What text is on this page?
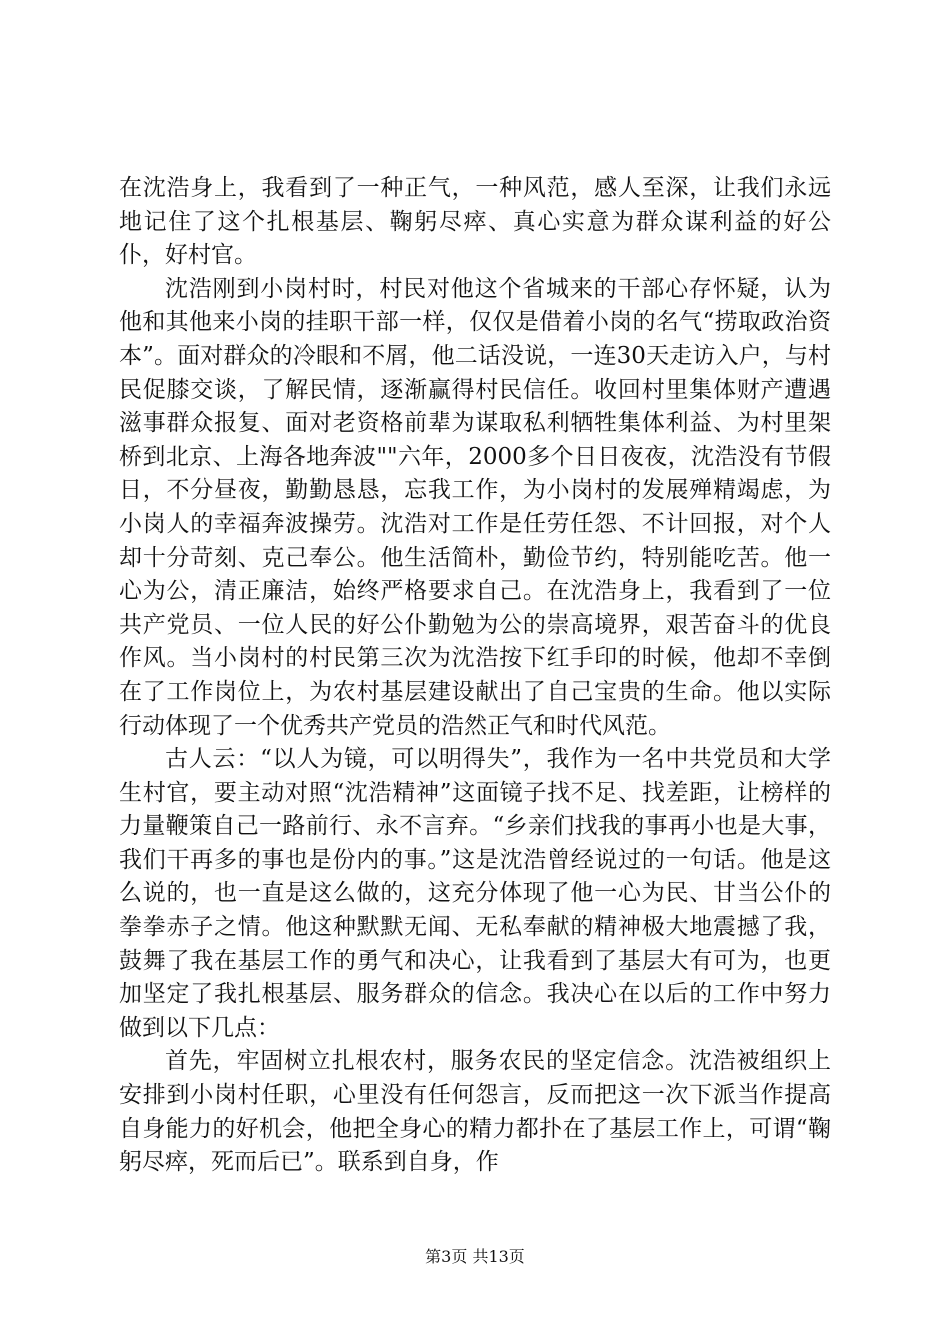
在沈浩身上，我看到了一种正气，一种风范，感人至深，让我们永远地记住了这个扎根基层、鞠躬尽瘁、真心实意为群众谋利益的好公仆，好村官。

沈浩刚到小岗村时，村民对他这个省城来的干部心存怀疑，认为他和其他来小岗的挂职干部一样，仅仅是借着小岗的名气“捞取政治资本”。面对群众的冷眼和不屑，他二话没说，一连30天走访入户，与村民促膝交谈，了解民情，逐渐赢得村民信任。收回村里集体财产遭遇滋事群众报复、面对老资格前辈为谋取私利牺牲集体利益、为村里架桥到北京、上海各地奔波""六年，2000多个日日夜夜，沈浩没有节假日，不分昼夜，勤勤恳恳，忘我工作，为小岗村的发展殚精竭虑，为小岗人的幸福奔波操劳。沈浩对工作是任劳任怨、不计回报，对个人却十分苛刻、克己奉公。他生活简朴，勤俭节约，特别能吃苦。他一心为公，清正廉洁，始终严格要求自己。在沈浩身上，我看到了一位共产党员、一位人民的好公仆勤勉为公的崇高境界，艰苦奋斗的优良作风。当小岗村的村民第三次为沈浩按下红手印的时候，他却不幸倒在了工作岗位上，为农村基层建设献出了自己宝贵的生命。他以实际行动体现了一个优秀共产党员的浩然正气和时代风范。

古人云：“以人为镜，可以明得失”，我作为一名中共党员和大学生村官，要主动对照“沈浩精神”这面镜子找不足、找差距，让榜样的力量鞭策自己一路前行、永不言弃。“乡亲们找我的事再小也是大事，我们干再多的事也是份内的事。”这是沈浩曾经说过的一句话。他是这么说的，也一直是这么做的，这充分体现了他一心为民、甘当公仆的拳拳赤子之情。他这种默默无闻、无私奉献的精神极大地震撼了我，鼓舞了我在基层工作的勇气和决心，让我看到了基层大有可为，也更加坚定了我扎根基层、服务群众的信念。我决心在以后的工作中努力做到以下几点：

首先，牢固树立扎根农村，服务农民的坚定信念。沈浩被组织上安排到小岗村任职，心里没有任何怨言，反而把这一次下派当作提高自身能力的好机会，他把全身心的精力都扑在了基层工作上，可谓“鞠躬尽瘁，死而后已”。联系到自身，作

第3页 共13页
